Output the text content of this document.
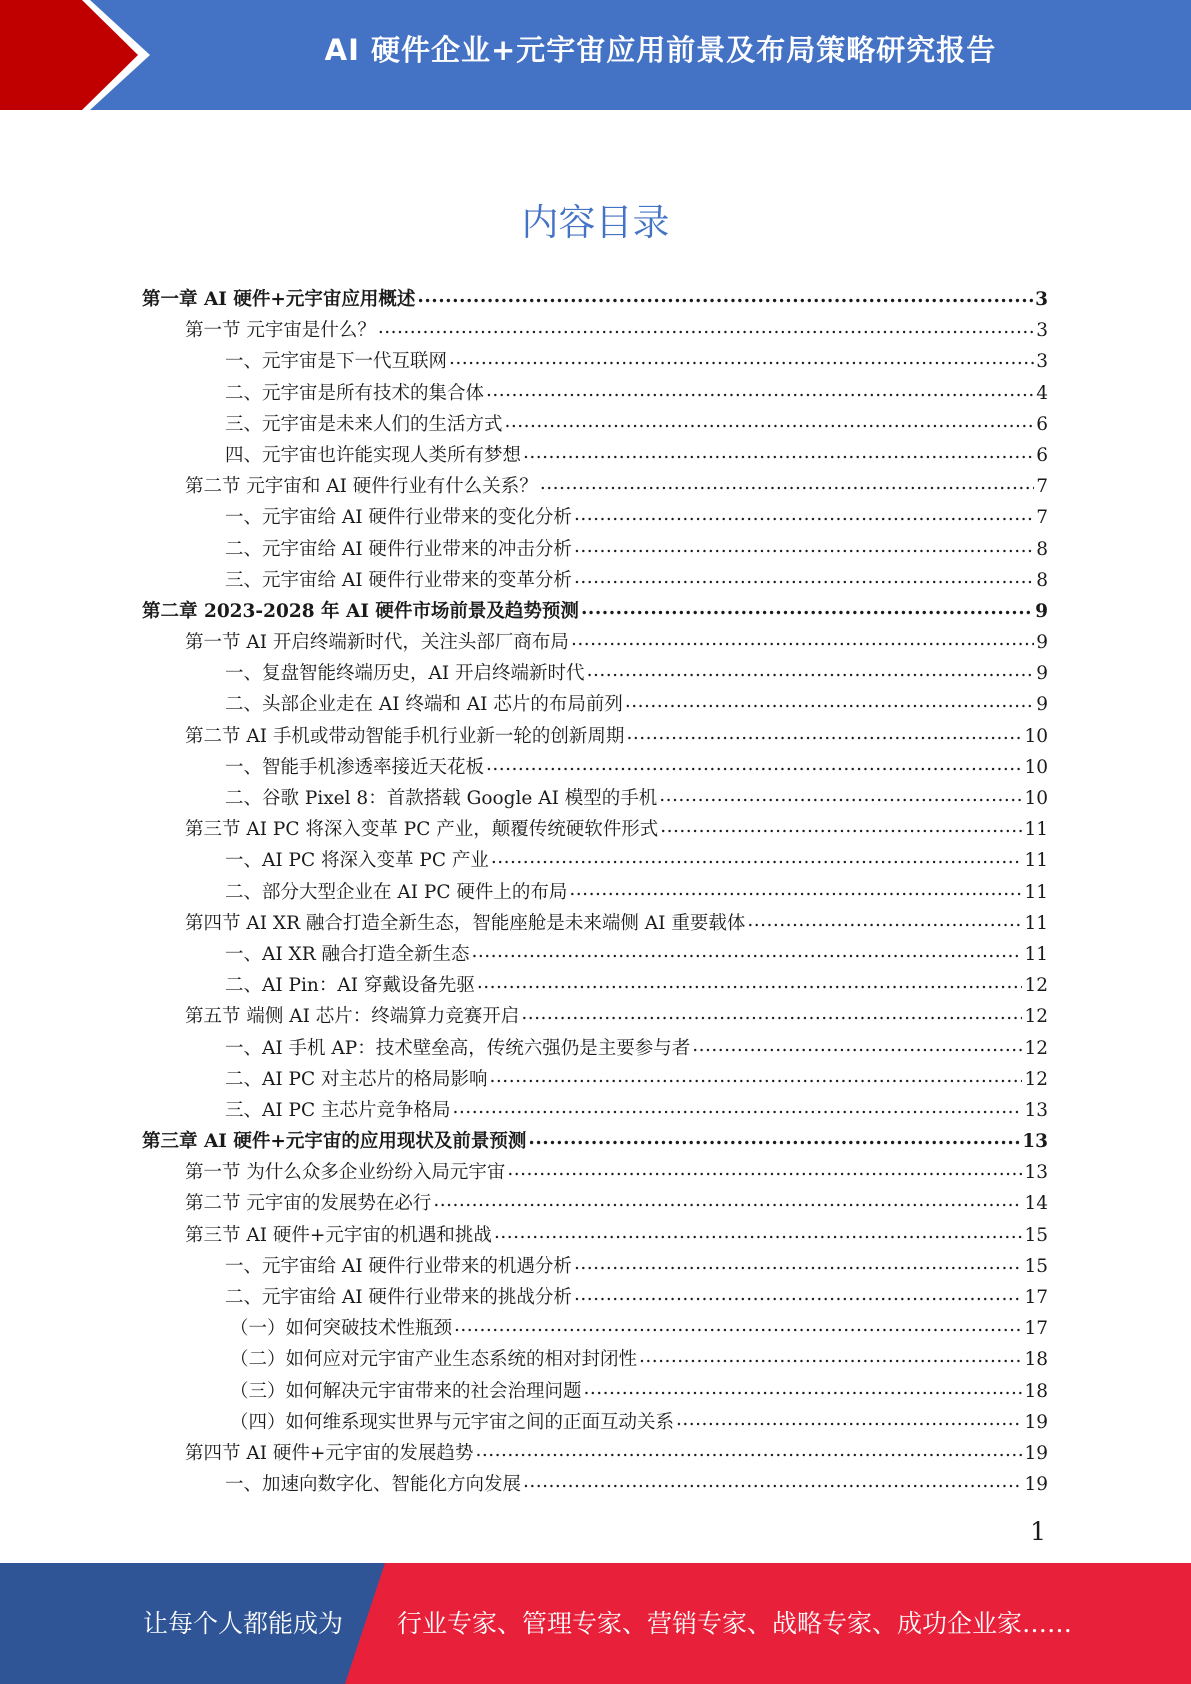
AI 硬件企业+元宇宙应用前景及布局策略研究报告
内容目录
第一章 AI 硬件+元宇宙应用概述 .....	3
第一节 元宇宙是什么？ .....	3
一、元宇宙是下一代互联网 .....	3
二、元宇宙是所有技术的集合体 .....	4
三、元宇宙是未来人们的生活方式 .....	6
四、元宇宙也许能实现人类所有梦想 .....	6
第二节 元宇宙和 AI 硬件行业有什么关系？ .....	7
一、元宇宙给 AI 硬件行业带来的变化分析 .....	7
二、元宇宙给 AI 硬件行业带来的冲击分析 .....	8
三、元宇宙给 AI 硬件行业带来的变革分析 .....	8
第二章 2023-2028 年 AI 硬件市场前景及趋势预测 .....	9
第一节 AI 开启终端新时代，关注头部厂商布局 .....	9
一、复盘智能终端历史，AI 开启终端新时代 .....	9
二、头部企业走在 AI 终端和 AI 芯片的布局前列 .....	9
第二节 AI 手机或带动智能手机行业新一轮的创新周期 .....	10
一、智能手机渗透率接近天花板 .....	10
二、谷歌 Pixel 8：首款搭载 Google AI 模型的手机 .....	10
第三节 AI PC 将深入变革 PC 产业，颠覆传统硬软件形式 .....	11
一、AI PC 将深入变革 PC 产业 .....	11
二、部分大型企业在 AI PC 硬件上的布局 .....	11
第四节 AI XR 融合打造全新生态，智能座舱是未来端侧 AI 重要载体 .....	11
一、AI XR 融合打造全新生态 .....	11
二、AI Pin：AI 穿戴设备先驱 .....	12
第五节 端侧 AI 芯片：终端算力竞赛开启 .....	12
一、AI 手机 AP：技术壁垒高，传统六强仍是主要参与者 .....	12
二、AI PC 对主芯片的格局影响 .....	12
三、AI PC 主芯片竞争格局 .....	13
第三章 AI 硬件+元宇宙的应用现状及前景预测 .....	13
第一节 为什么众多企业纷纷入局元宇宙 .....	13
第二节 元宇宙的发展势在必行 .....	14
第三节 AI 硬件+元宇宙的机遇和挑战 .....	15
一、元宇宙给 AI 硬件行业带来的机遇分析 .....	15
二、元宇宙给 AI 硬件行业带来的挑战分析 .....	17
（一）如何突破技术性瓶颈 .....	17
（二）如何应对元宇宙产业生态系统的相对封闭性 .....	18
（三）如何解决元宇宙带来的社会治理问题 .....	18
（四）如何维系现实世界与元宇宙之间的正面互动关系 .....	19
第四节 AI 硬件+元宇宙的发展趋势 .....	19
一、加速向数字化、智能化方向发展 .....	19
1
让每个人都能成为 行业专家、管理专家、营销专家、战略专家、成功企业家……
